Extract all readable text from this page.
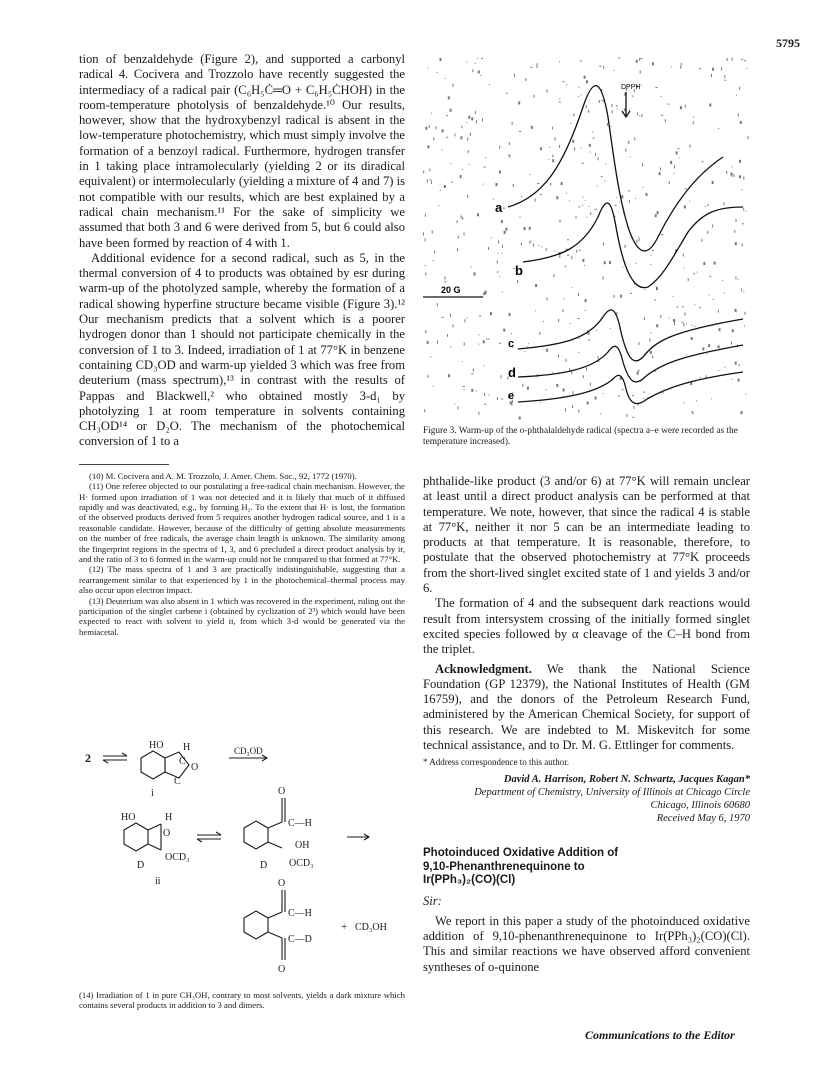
5795

tion of benzaldehyde (Figure 2), and supported a carbonyl radical 4. Cocivera and Trozzolo have recently suggested the intermediacy of a radical pair (C₆H₅Ċ═O + C₆H₅ĊHOH) in the room-temperature photolysis of benzaldehyde.¹⁰ Our results, however, show that the hydroxybenzyl radical is absent in the low-temperature photochemistry, which must simply involve the formation of a benzoyl radical. Furthermore, hydrogen transfer in 1 taking place intramolecularly (yielding 2 or its diradical equivalent) or intermolecularly (yielding a mixture of 4 and 7) is not compatible with our results, which are best explained by a radical chain mechanism.¹¹ For the sake of simplicity we assumed that both 3 and 6 were derived from 5, but 6 could also have been formed by reaction of 4 with 1.

Additional evidence for a second radical, such as 5, in the thermal conversion of 4 to products was obtained by esr during warm-up of the photolyzed sample, whereby the formation of a radical showing hyperfine structure became visible (Figure 3).¹² Our mechanism predicts that a solvent which is a poorer hydrogen donor than 1 should not participate chemically in the conversion of 1 to 3. Indeed, irradiation of 1 at 77°K in benzene containing CD₃OD and warm-up yielded 3 which was free from deuterium (mass spectrum),¹³ in contrast with the results of Pappas and Blackwell,² who obtained mostly 3-d₁ by photolyzing 1 at room temperature in solvents containing CH₃OD¹⁴ or D₂O. The mechanism of the photochemical conversion of 1 to a

(10) M. Cocivera and A. M. Trozzolo, J. Amer. Chem. Soc., 92, 1772 (1970).

(11) One referee objected to our postulating a free-radical chain mechanism. However, the H· formed upon irradiation of 1 was not detected and it is likely that much of it diffused rapidly and was deactivated, e.g., by forming H₂. To the extent that H· is lost, the formation of the observed products derived from 5 requires another hydrogen radical source, and 1 is a reasonable candidate. However, because of the difficulty of getting absolute measurements on the number of free radicals, the average chain length is unknown. The similarity among the fingerprint regions in the spectra of 1, 3, and 6 precluded a direct product analysis by ir, and the ratio of 3 to 6 formed in the warm-up could not be compared to that formed at 77°K.

(12) The mass spectra of 1 and 3 are practically indistinguishable, suggesting that a rearrangement similar to that experienced by 1 in the photochemical–thermal process may also occur upon electron impact.

(13) Deuterium was also absent in 1 which was recovered in the experiment, ruling out the participation of the singlet carbene i (obtained by cyclization of 2³) which would have been expected to react with solvent to yield ii, from which 3-d would be generated via the hemiacetal.

2
HO H
C
O
C
CD₃OD
i
HO	H
O
D
OCD₃
ii
O
C—H
OH
D OCD₃
O
C—H
C—D
O
+ CD₃OH
(14) Irradiation of 1 in pure CH₃OH, contrary to most solvents, yields a dark mixture which contains several products in addition to 3 and dimers.
DPPH
20 G
a
b
c
d
e
Figure 3. Warm-up of the o-phthalaldehyde radical (spectra a–e were recorded as the temperature increased).

phthalide-like product (3 and/or 6) at 77°K will remain unclear at least until a direct product analysis can be performed at that temperature. We note, however, that since the radical 4 is stable at 77°K, neither it nor 5 can be an intermediate leading to products at that temperature. It is reasonable, therefore, to postulate that the observed photochemistry at 77°K proceeds from the short-lived singlet excited state of 1 and yields 3 and/or 6.

The formation of 4 and the subsequent dark reactions would result from intersystem crossing of the initially formed singlet excited species followed by α cleavage of the C–H bond from the triplet.

Acknowledgment. We thank the National Science Foundation (GP 12379), the National Institutes of Health (GM 16759), and the donors of the Petroleum Research Fund, administered by the American Chemical Society, for support of this research. We are indebted to M. Miskevitch for some technical assistance, and to Dr. M. G. Ettlinger for comments.

* Address correspondence to this author.
David A. Harrison, Robert N. Schwartz, Jacques Kagan*
Department of Chemistry, University of Illinois at Chicago Circle
Chicago, Illinois 60680
Received May 6, 1970
Photoinduced Oxidative Addition of
9,10-Phenanthrenequinone to
Ir(PPh₃)₂(CO)(Cl)
Sir:

We report in this paper a study of the photoinduced oxidative addition of 9,10-phenanthrenequinone to Ir(PPh₃)₂(CO)(Cl). This and similar reactions we have observed afford convenient syntheses of o-quinone

Communications to the Editor
